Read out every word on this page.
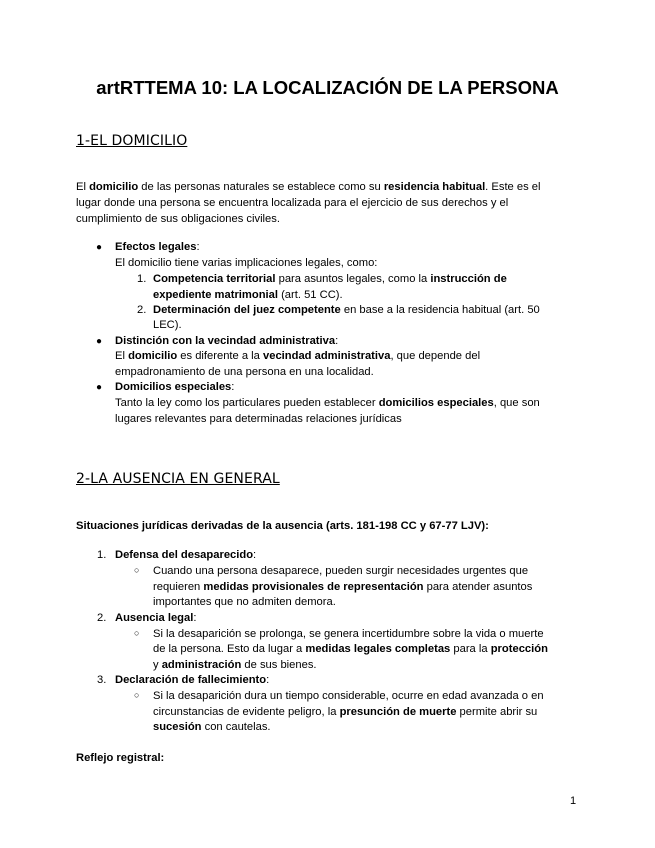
artRTTEMA 10: LA LOCALIZACIÓN DE LA PERSONA
1-EL DOMICILIO
El domicilio de las personas naturales se establece como su residencia habitual. Este es el
lugar donde una persona se encuentra localizada para el ejercicio de sus derechos y el
cumplimiento de sus obligaciones civiles.
● Efectos legales:
El domicilio tiene varias implicaciones legales, como:
1. Competencia territorial para asuntos legales, como la instrucción de
expediente matrimonial (art. 51 CC).
2. Determinación del juez competente en base a la residencia habitual (art. 50
LEC).
● Distinción con la vecindad administrativa:
El domicilio es diferente a la vecindad administrativa, que depende del
empadronamiento de una persona en una localidad.
● Domicilios especiales:
Tanto la ley como los particulares pueden establecer domicilios especiales, que son
lugares relevantes para determinadas relaciones jurídicas
2-LA AUSENCIA EN GENERAL
Situaciones jurídicas derivadas de la ausencia (arts. 181-198 CC y 67-77 LJV):
1. Defensa del desaparecido:
○ Cuando una persona desaparece, pueden surgir necesidades urgentes que
requieren medidas provisionales de representación para atender asuntos
importantes que no admiten demora.
2. Ausencia legal:
○ Si la desaparición se prolonga, se genera incertidumbre sobre la vida o muerte
de la persona. Esto da lugar a medidas legales completas para la protección
y administración de sus bienes.
3. Declaración de fallecimiento:
○ Si la desaparición dura un tiempo considerable, ocurre en edad avanzada o en
circunstancias de evidente peligro, la presunción de muerte permite abrir su
sucesión con cautelas.
Reflejo registral:
1
